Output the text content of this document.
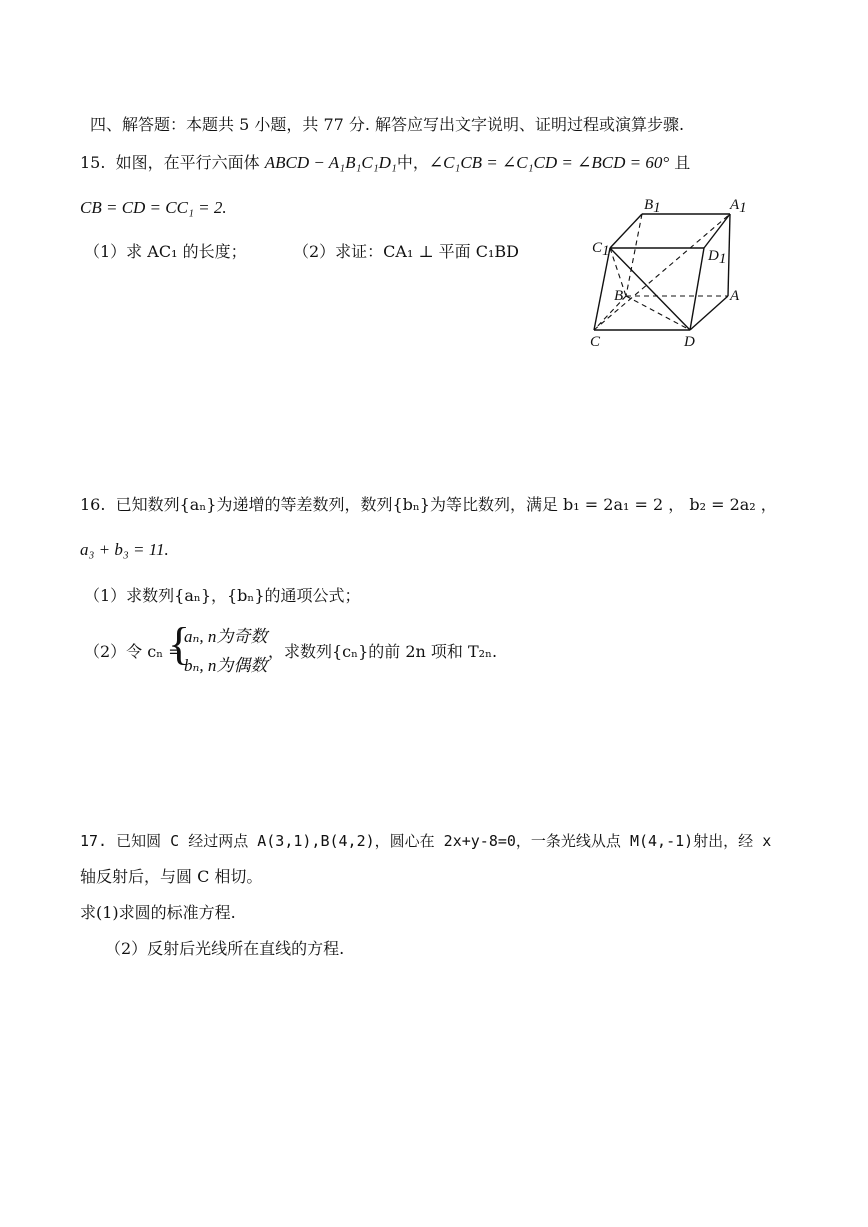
四、解答题：本题共 5 小题，共 77 分. 解答应写出文字说明、证明过程或演算步骤.
15. 如图，在平行六面体 ABCD − A₁B₁C₁D₁中，∠C₁CB = ∠C₁CD = ∠BCD = 60° 且
CB = CD = CC₁ = 2.
（1）求 AC₁ 的长度；	（2）求证：CA₁ ⊥ 平面 C₁BD
B1	A1
C1	D1
B	A
C	D
16. 已知数列{aₙ}为递增的等差数列，数列{bₙ}为等比数列，满足 b₁ = 2a₁ = 2 ， b₂ = 2a₂ ，
a₃ + b₃ = 11.
（1）求数列{aₙ}，{bₙ}的通项公式；
（2）令 cₙ =
{
aₙ, n为奇数
bₙ, n为偶数
，求数列{cₙ}的前 2n 项和 T₂ₙ.
17. 已知圆 C 经过两点 A(3,1),B(4,2)，圆心在 2x+y-8=0，一条光线从点 M(4,-1)射出，经 x
轴反射后，与圆 C 相切。
求(1)求圆的标准方程.
（2）反射后光线所在直线的方程.
